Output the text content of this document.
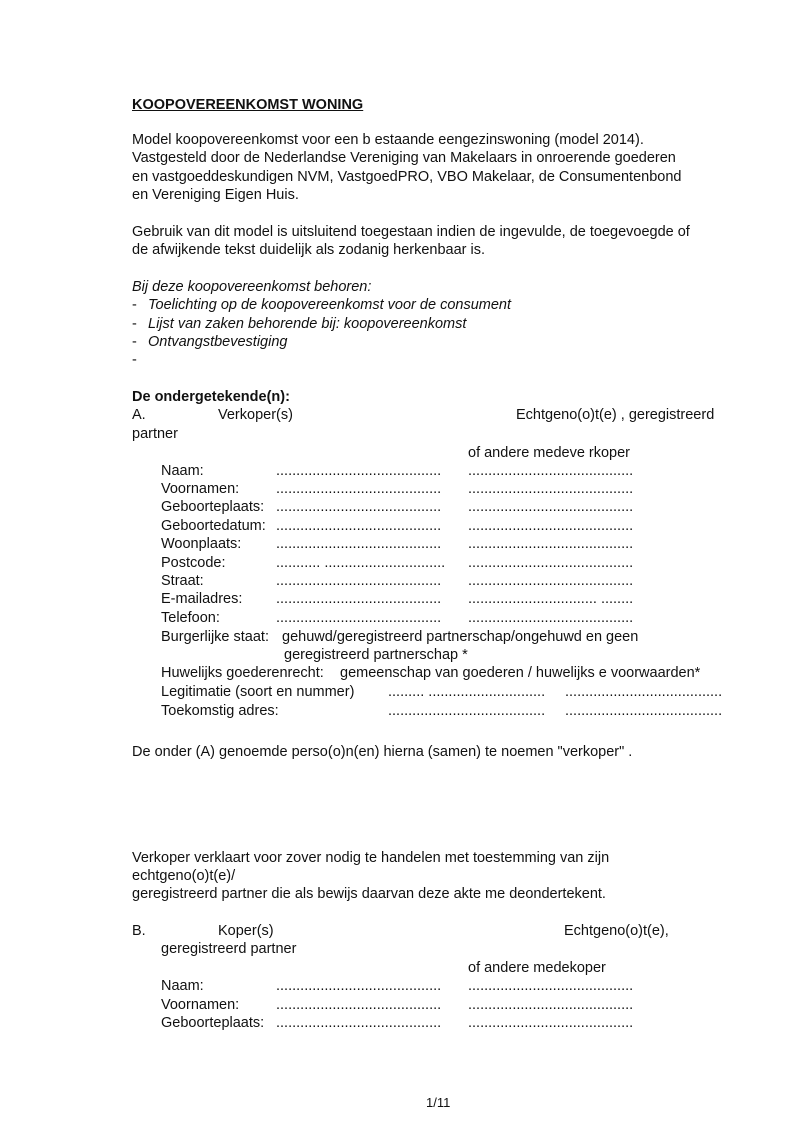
KOOPOVEREENKOMST WONING
Model koopovereenkomst voor een b estaande eengezinswoning (model 2014).
Vastgesteld door de Nederlandse Vereniging van Makelaars in onroerende goederen
en vastgoeddeskundigen NVM, VastgoedPRO, VBO Makelaar, de Consumentenbond
en Vereniging Eigen Huis.
Gebruik van dit model is uitsluitend toegestaan indien de ingevulde, de toegevoegde of
de afwijkende tekst duidelijk als zodanig herkenbaar is.
Bij deze koopovereenkomst behoren:
- Toelichting op de koopovereenkomst voor de consument
- Lijst van zaken behorende bij: koopovereenkomst
- Ontvangstbevestiging
-
De ondergetekende(n):
A.	Verkoper(s)	Echtgeno(o)t(e) , geregistreerd
partner
of andere medeve rkoper
Naam:	......................................... .........................................
Voornamen:	......................................... .........................................
Geboorteplaats: ......................................... .........................................
Geboortedatum: ......................................... .........................................
Woonplaats: ......................................... .........................................
Postcode:	........... .............................. .........................................
Straat:	......................................... .........................................
E-mailadres: ......................................... ................................ ........
Telefoon:	......................................... .........................................
Burgerlijke staat: gehuwd/geregistreerd partnerschap/ongehuwd en geen
geregistreerd partnerschap *
Huwelijks goederenrecht: gemeenschap van goederen / huwelijks e voorwaarden*
Legitimatie (soort en nummer) ......... ............................. .......................................
Toekomstig adres:	....................................... .......................................
De onder (A) genoemde perso(o)n(en) hierna (samen) te noemen "verkoper" .
Verkoper verklaart voor zover nodig te handelen met toestemming van zijn
echtgeno(o)t(e)/
geregistreerd partner die als bewijs daarvan deze akte me deondertekent.
B.	Koper(s)	Echtgeno(o)t(e),
geregistreerd partner
of andere medekoper
Naam:	......................................... .........................................
Voornamen:	......................................... .........................................
Geboorteplaats: ......................................... .........................................
1/11
